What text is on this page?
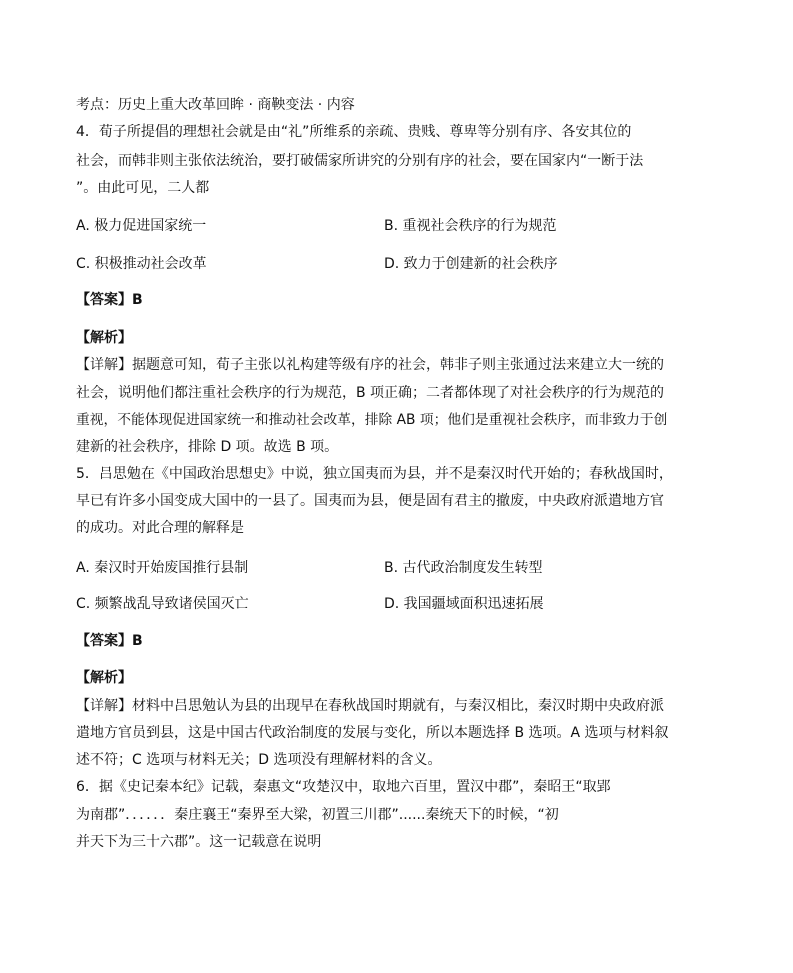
考点：历史上重大改革回眸 · 商鞅变法 · 内容
4．荀子所提倡的理想社会就是由“礼”所维系的亲疏、贵贱、尊卑等分别有序、各安其位的
社会，而韩非则主张依法统治，要打破儒家所讲究的分别有序的社会，要在国家内“一断于法
”。由此可见，二人都
A. 极力促进国家统一	B. 重视社会秩序的行为规范
C. 积极推动社会改革	D. 致力于创建新的社会秩序
【答案】B
【解析】
【详解】据题意可知，荀子主张以礼构建等级有序的社会，韩非子则主张通过法来建立大一统的
社会，说明他们都注重社会秩序的行为规范，B 项正确；二者都体现了对社会秩序的行为规范的
重视，不能体现促进国家统一和推动社会改革，排除 AB 项；他们是重视社会秩序，而非致力于创
建新的社会秩序，排除 D 项。故选 B 项。
5．吕思勉在《中国政治思想史》中说，独立国夷而为县，并不是秦汉时代开始的；春秋战国时，
早已有许多小国变成大国中的一县了。国夷而为县，便是固有君主的撤废，中央政府派遣地方官
的成功。对此合理的解释是
A. 秦汉时开始废国推行县制	B. 古代政治制度发生转型
C. 频繁战乱导致诸侯国灭亡	D. 我国疆域面积迅速拓展
【答案】B
【解析】
【详解】材料中吕思勉认为县的出现早在春秋战国时期就有，与秦汉相比，秦汉时期中央政府派
遣地方官员到县，这是中国古代政治制度的发展与变化，所以本题选择 B 选项。A 选项与材料叙
述不符；C 选项与材料无关；D 选项没有理解材料的含义。
6．据《史记秦本纪》记载，秦惠文“攻楚汉中，取地六百里，置汉中郡”，秦昭王“取郢
为南郡”．．．．．．秦庄襄王“秦界至大梁，初置三川郡”......秦统天下的时候，“初
并天下为三十六郡”。这一记载意在说明
